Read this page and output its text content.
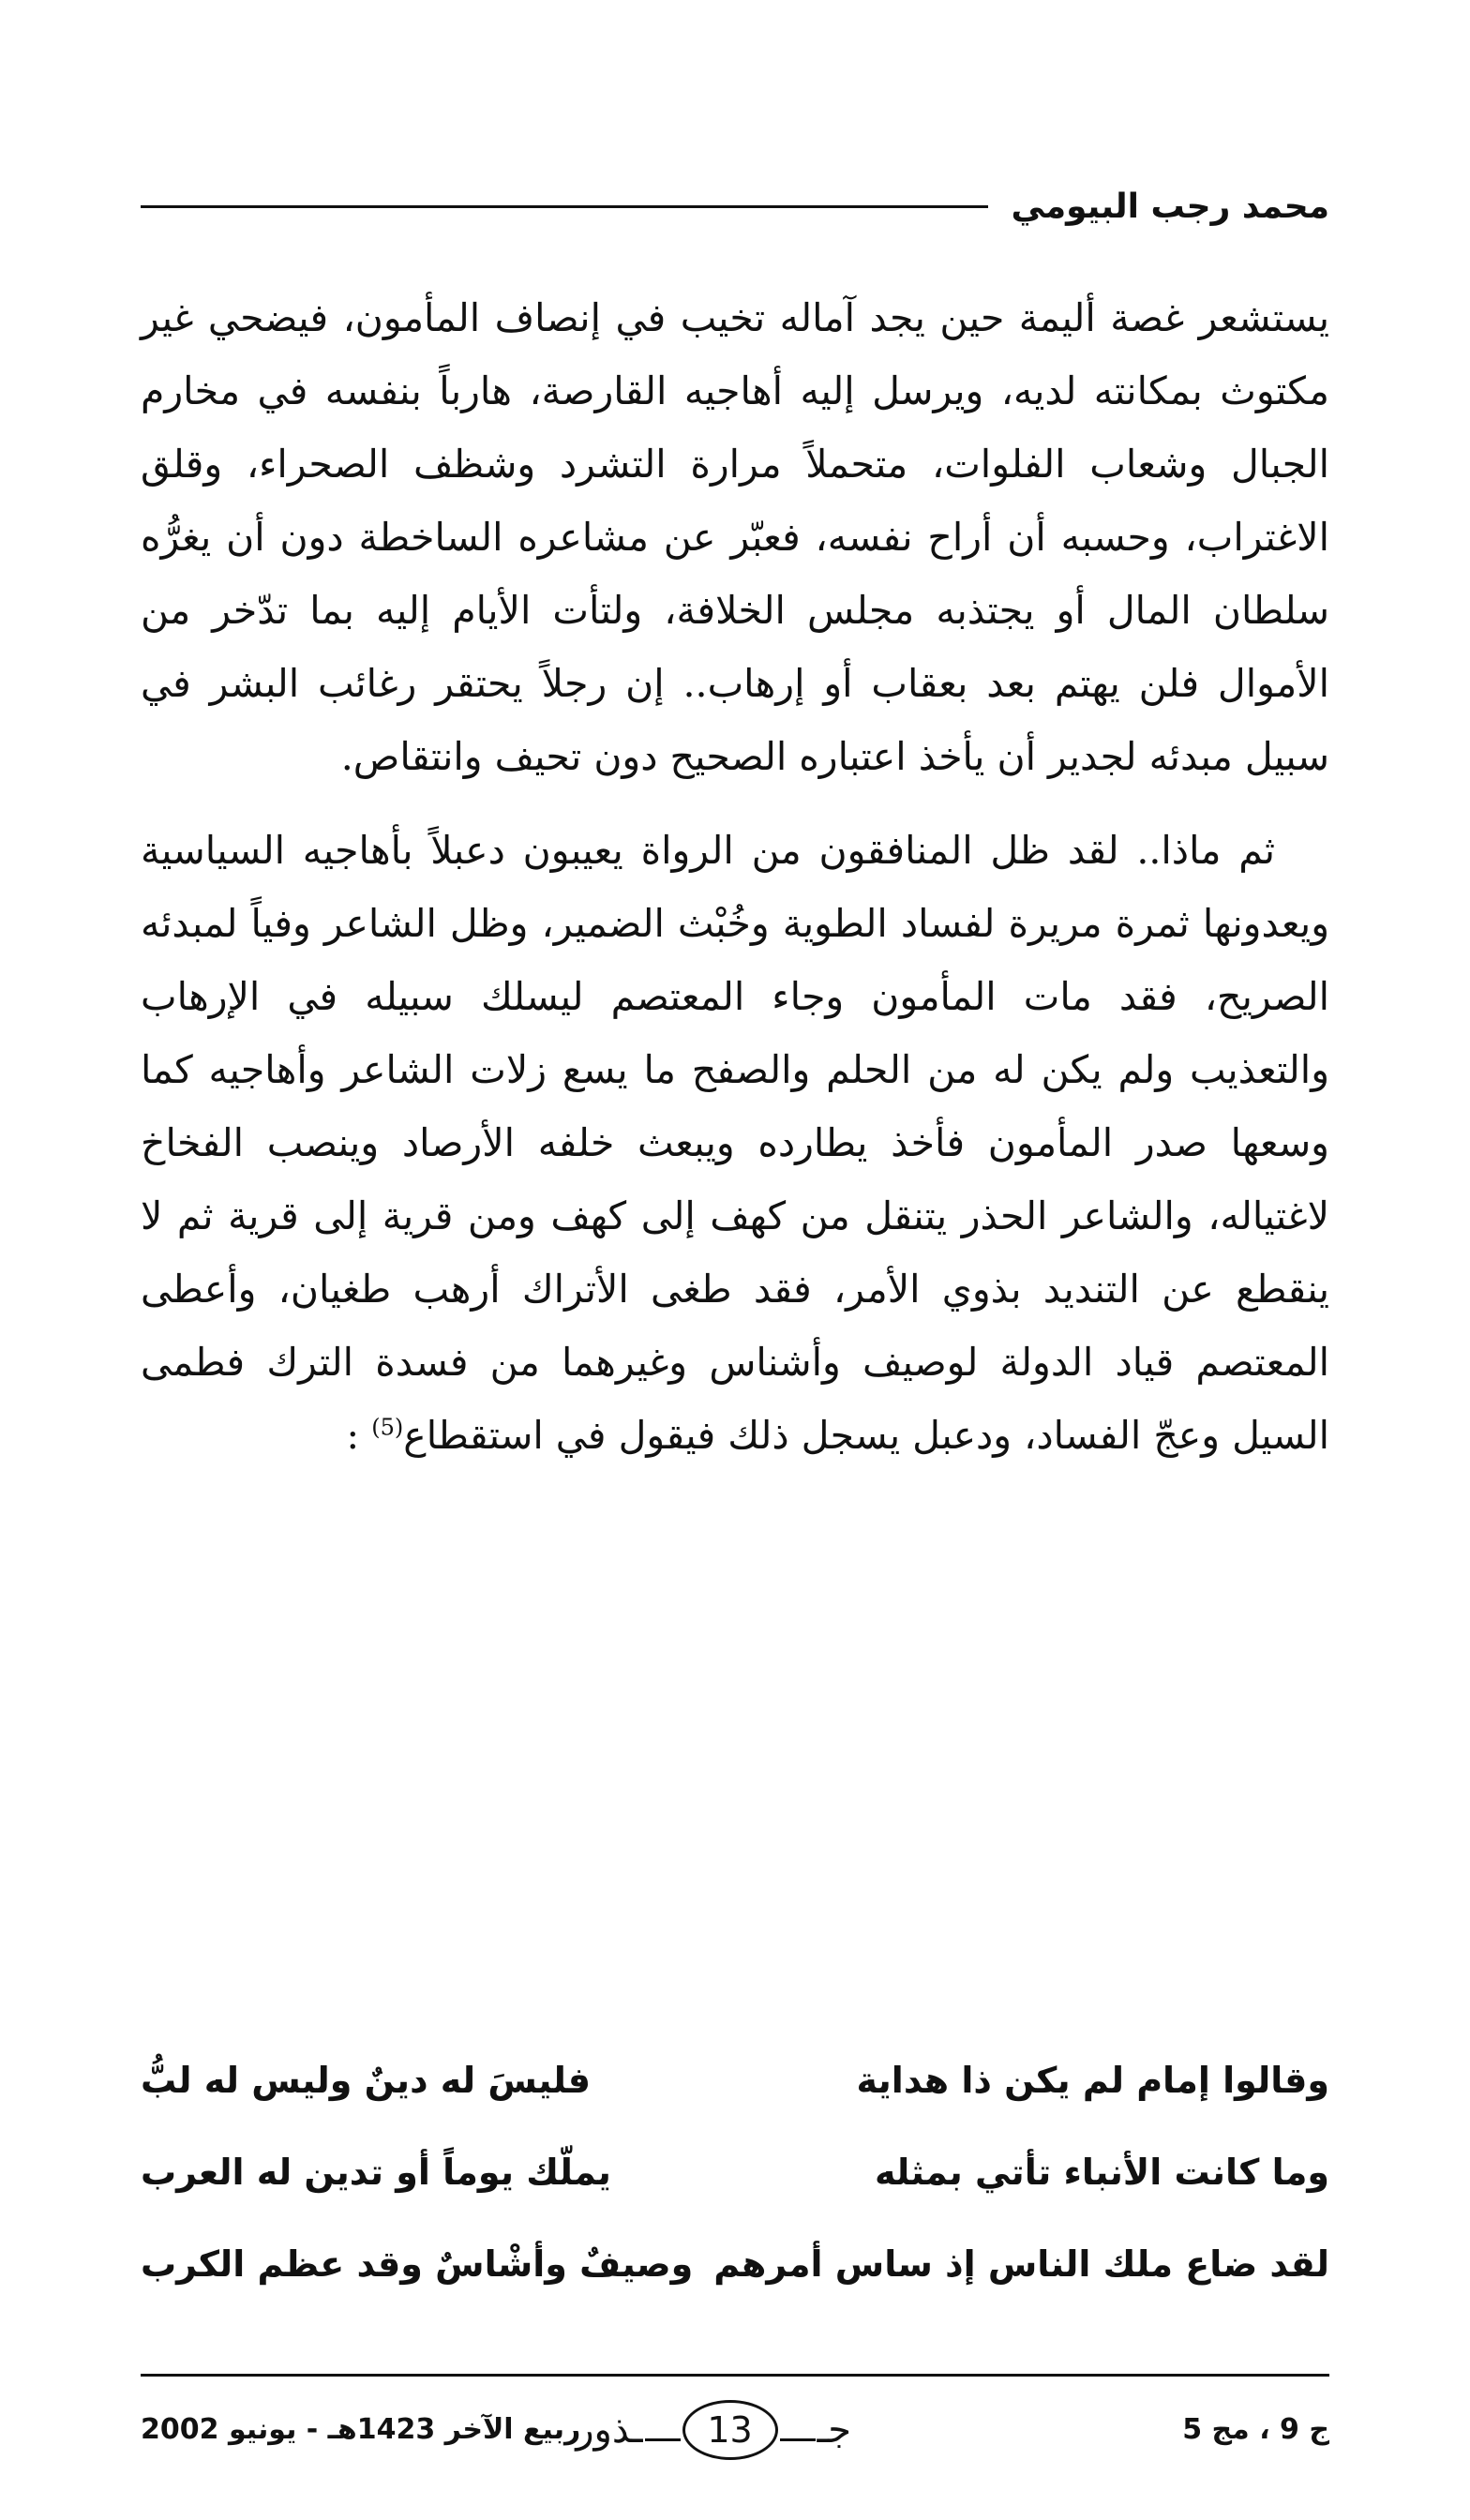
محمد رجب البيومي

يستشعر غصة أليمة حين يجد آماله تخيب في إنصاف المأمون، فيضحي غير مكتوث بمكانته لديه، ويرسل إليه أهاجيه القارصة، هارباً بنفسه في مخارم الجبال وشعاب الفلوات، متحملاً مرارة التشرد وشظف الصحراء، وقلق الاغتراب، وحسبه أن أراح نفسه، فعبّر عن مشاعره الساخطة دون أن يغرُّه سلطان المال أو يجتذبه مجلس الخلافة، ولتأت الأيام إليه بما تدّخر من الأموال فلن يهتم بعد بعقاب أو إرهاب.. إن رجلاً يحتقر رغائب البشر في سبيل مبدئه لجدير أن يأخذ اعتباره الصحيح دون تحيف وانتقاص.

ثم ماذا.. لقد ظل المنافقون من الرواة يعيبون دعبلاً بأهاجيه السياسية ويعدونها ثمرة مريرة لفساد الطوية وخُبْث الضمير، وظل الشاعر وفياً لمبدئه الصريح، فقد مات المأمون وجاء المعتصم ليسلك سبيله في الإرهاب والتعذيب ولم يكن له من الحلم والصفح ما يسع زلات الشاعر وأهاجيه كما وسعها صدر المأمون فأخذ يطارده ويبعث خلفه الأرصاد وينصب الفخاخ لاغتياله، والشاعر الحذر يتنقل من كهف إلى كهف ومن قرية إلى قرية ثم لا ينقطع عن التنديد بذوي الأمر، فقد طغى الأتراك أرهب طغيان، وأعطى المعتصم قياد الدولة لوصيف وأشناس وغيرهما من فسدة الترك فطمى السيل وعجّ الفساد، ودعبل يسجل ذلك فيقول في استقطاع$^{(5)}$ :

وقالوا إمام لم يكن ذا هداية
فليسَ له دينٌ وليس له لبُّ
وما كانت الأنباء تأتي بمثله
يملّك يوماً أو تدين له العرب
لقد ضاع ملك الناس إذ ساس أمرهم
وصيفٌ وأشْاسٌ وقد عظم الكرب
ج 9 ، مج 5
جـ
13
ـذور
ربيع الآخر 1423هـ - يونيو 2002
